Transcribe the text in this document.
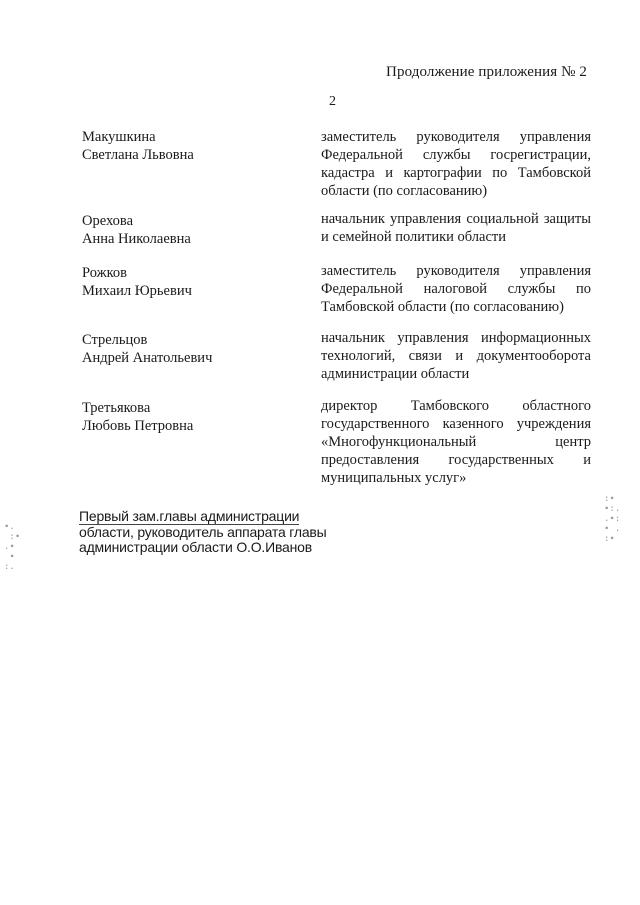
Продолжение приложения № 2
2
Макушкина
Светлана Львовна
заместитель руководителя управления Федеральной службы госрегистрации, кадастра и картографии по Тамбовской области (по согласованию)
Орехова
Анна Николаевна
начальник управления социальной защиты и семейной политики области
Рожков
Михаил Юрьевич
заместитель руководителя управления Федеральной налоговой службы по Тамбовской области (по согласованию)
Стрельцов
Андрей Анатольевич
начальник управления информационных технологий, связи и документооборота администрации области
Третьякова
Любовь Петровна
директор Тамбовского областного государственного казенного учреждения «Многофункциональный центр предоставления государственных и муниципальных услуг»
Первый зам.главы администрации
области, руководитель аппарата главы
администрации области О.О.Иванов
∙.
:∙
.∙
∙
:.
:∙
∙:.
.∙:
∙ .
:∙
